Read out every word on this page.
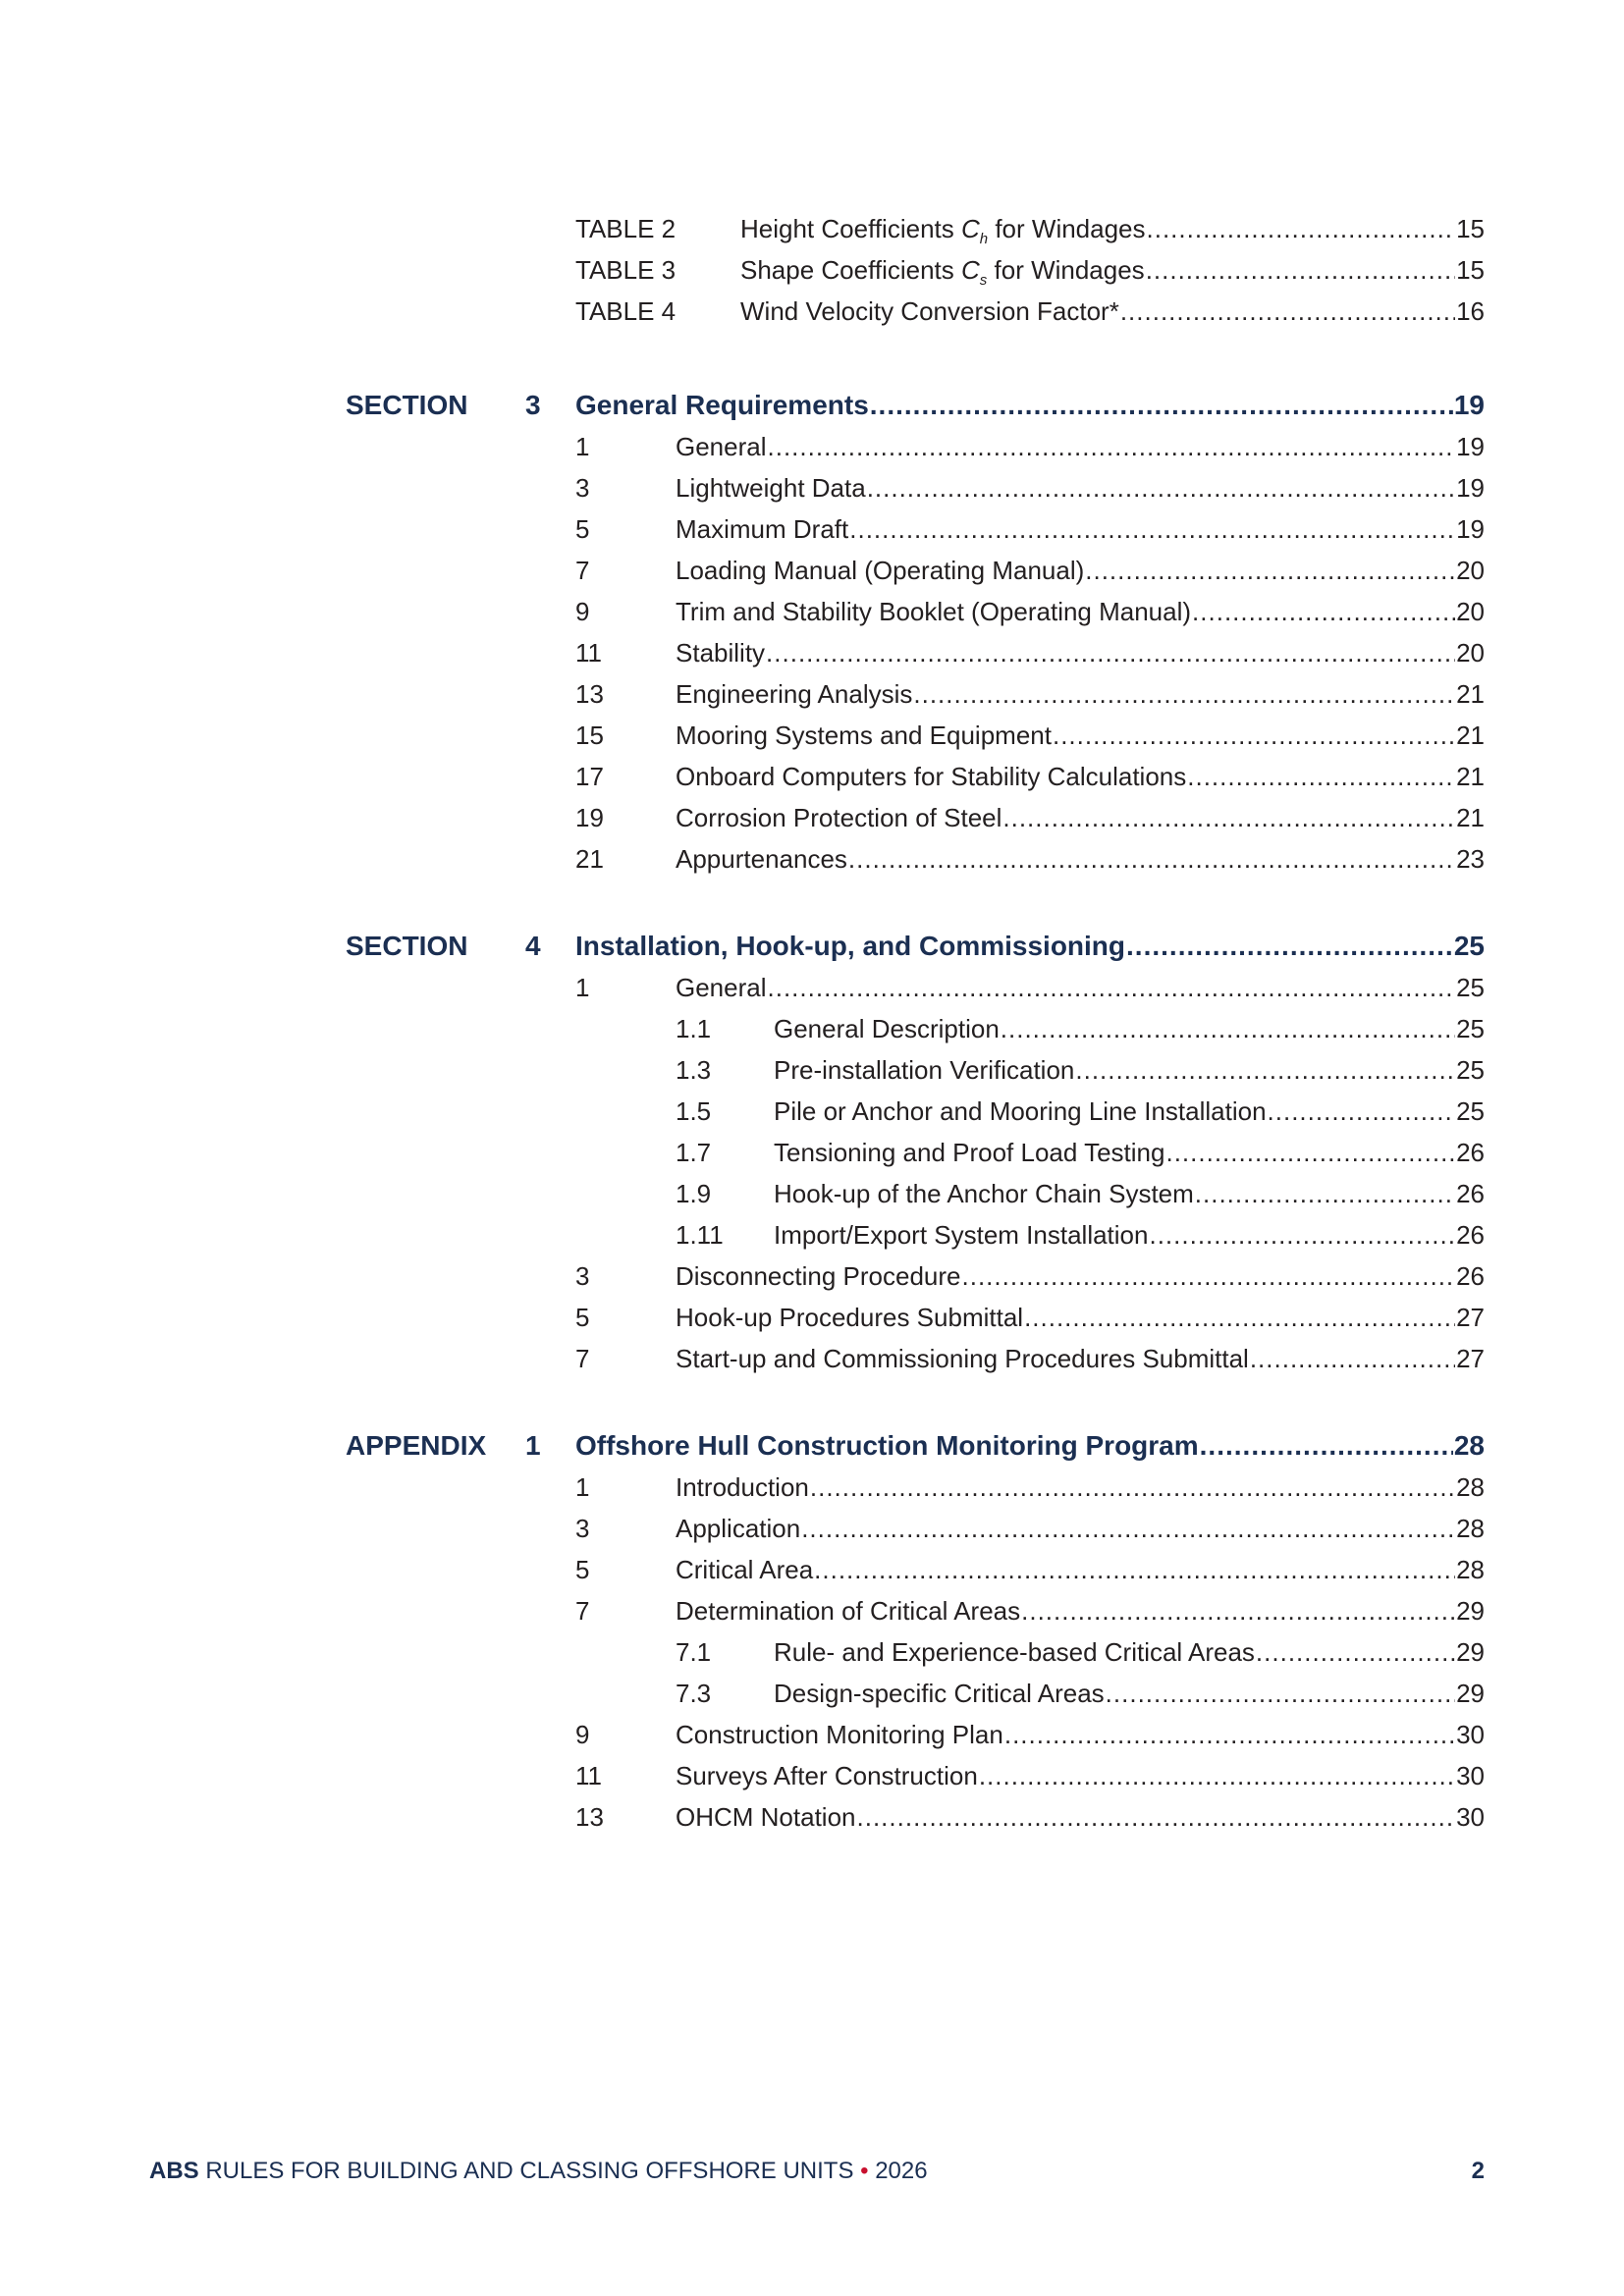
TABLE 2	Height Coefficients $C_h$ for Windages .....	15
TABLE 3	Shape Coefficients $C_s$ for Windages .....	15
TABLE 4	Wind Velocity Conversion Factor* .....	16
SECTION 3 General Requirements .....	19
1	General .....	19
3	Lightweight Data .....	19
5	Maximum Draft .....	19
7	Loading Manual (Operating Manual) .....	20
9	Trim and Stability Booklet (Operating Manual) .....	20
11	Stability .....	20
13	Engineering Analysis .....	21
15	Mooring Systems and Equipment .....	21
17	Onboard Computers for Stability Calculations .....	21
19	Corrosion Protection of Steel .....	21
21	Appurtenances .....	23
SECTION 4 Installation, Hook-up, and Commissioning .....	25
1	General .....	25
1.1 General Description .....	25
1.3 Pre-installation Verification .....	25
1.5 Pile or Anchor and Mooring Line Installation .....	25
1.7 Tensioning and Proof Load Testing .....	26
1.9 Hook-up of the Anchor Chain System .....	26
1.11 Import/Export System Installation .....	26
3	Disconnecting Procedure .....	26
5	Hook-up Procedures Submittal .....	27
7	Start-up and Commissioning Procedures Submittal .....	27
APPENDIX 1 Offshore Hull Construction Monitoring Program .....	28
1	Introduction .....	28
3	Application .....	28
5	Critical Area .....	28
7	Determination of Critical Areas .....	29
7.1 Rule- and Experience-based Critical Areas .....	29
7.3 Design-specific Critical Areas .....	29
9	Construction Monitoring Plan .....	30
11	Surveys After Construction .....	30
13	OHCM Notation .....	30
ABS RULES FOR BUILDING AND CLASSING OFFSHORE UNITS • 2026	2
